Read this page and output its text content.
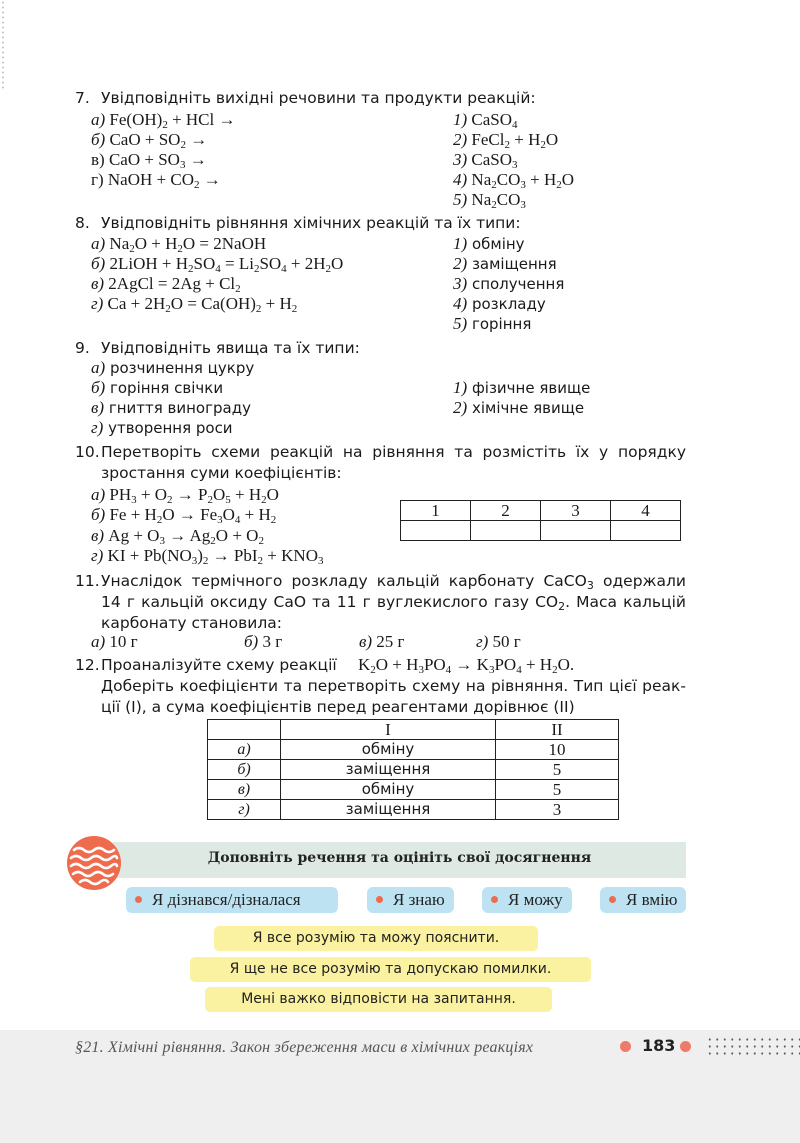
7. Увідповідніть вихідні речовини та продукти реакцій:
а) $Fe(OH)_2$ + HCl →
б) CaO + $SO_2$ →
в) CaO + $SO_3$ →
г) NaOH + $CO_2$ →
1) CaSO$_4$
2) FeCl$_2$ + $H_2O$
3) CaSO$_3$
4) $Na_2CO_3 + H_2O$
5) $Na_2CO_3$
8. Увідповідніть рівняння хімічних реакцій та їх типи:
а) $Na_2O + H_2O$ = 2NaOH
б) 2LiOH + $H_2SO_4 = Li_2SO_4 + 2H_2O$
в) 2AgCl = $2Ag + Cl_2$
г) $Ca + 2H_2O = Ca(OH)_2 + H_2$
1) обміну
2) заміщення
3) сполучення
4) розкладу
5) горіння
9. Увідповідніть явища та їх типи:
а) розчинення цукру
б) горіння свічки
в) гниття винограду
г) утворення роси
1) фізичне явище
2) хімічне явище
10. Перетворіть схеми реакцій на рівняння та розмістіть їх у порядку
зростання суми коефіцієнтів:
а) $PH_3 + O_2 \to P_2O_5 + H_2O$
б) $Fe + H_2O \to Fe_3O_4 + H_2$
в) $Ag + O_3 \to Ag_2O + O_2$
г) KI + $Pb(NO_3)_2 \to PbI_2 + KNO_3$
1	2	3	4

11. Унаслідок термічного розкладу кальцій карбонату CaCO$_3$ одержали
14 г кальцій оксиду CaO та 11 г вуглекислого газу $CO_2$. Маса кальцій
карбонату становила:
а) 10 г	б) 3 г	в) 25 г	г) 50 г
12. Проаналізуйте схему реакції $K_2O + H_3PO_4 \to K_3PO_4 + H_2O$.
Доберіть коефіцієнти та перетворіть схему на рівняння. Тип цієї реак-
ції (I), а сума коефіцієнтів перед реагентами дорівнює (II)
	I	II
а)	обміну	10
б)	заміщення	5
в)	обміну	5
г)	заміщення	3
Доповніть речення та оцініть свої досягнення
Я дізнався/дізналася	Я знаю	Я можу	Я вмію
Я все розумію та можу пояснити.
Я ще не все розумію та допускаю помилки.
Мені важко відповісти на запитання.
§21. Хімічні рівняння. Закон збереження маси в хімічних реакціях	183
